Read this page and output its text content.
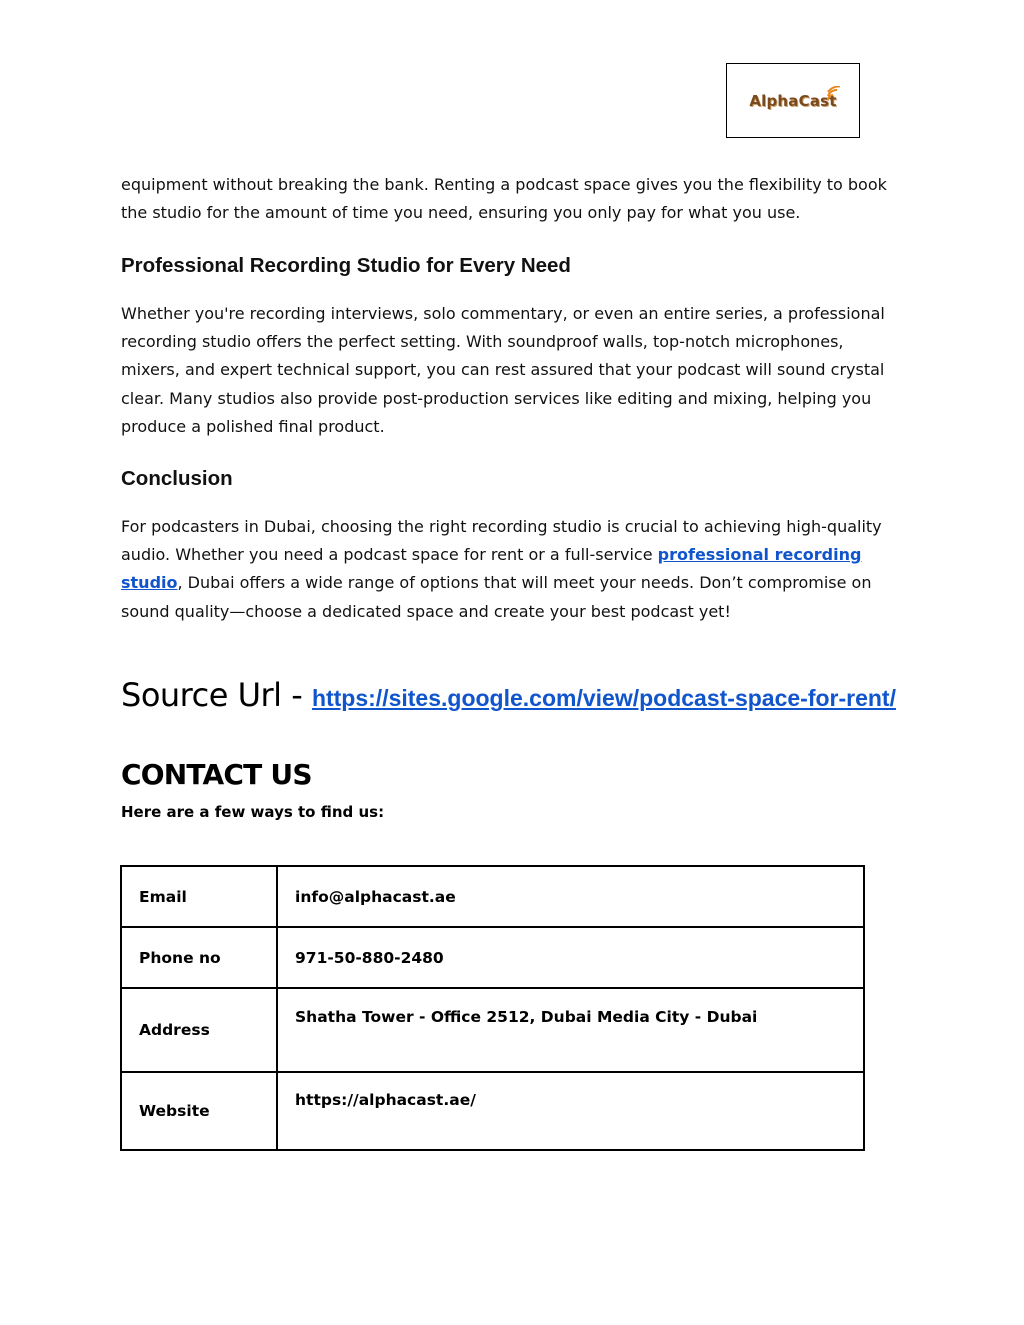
AlphaCast

equipment without breaking the bank. Renting a podcast space gives you the flexibility to book the studio for the amount of time you need, ensuring you only pay for what you use.

Professional Recording Studio for Every Need

Whether you're recording interviews, solo commentary, or even an entire series, a professional recording studio offers the perfect setting. With soundproof walls, top-notch microphones, mixers, and expert technical support, you can rest assured that your podcast will sound crystal clear. Many studios also provide post-production services like editing and mixing, helping you produce a polished final product.

Conclusion

For podcasters in Dubai, choosing the right recording studio is crucial to achieving high-quality audio. Whether you need a podcast space for rent or a full-service professional recording studio, Dubai offers a wide range of options that will meet your needs. Don’t compromise on sound quality—choose a dedicated space and create your best podcast yet!

Source Url - https://sites.google.com/view/podcast-space-for-rent/
CONTACT US
Here are a few ways to find us:
Email	info@alphacast.ae
Phone no	971-50-880-2480
Address	Shatha Tower - Office 2512, Dubai Media City - Dubai
Website	https://alphacast.ae/
